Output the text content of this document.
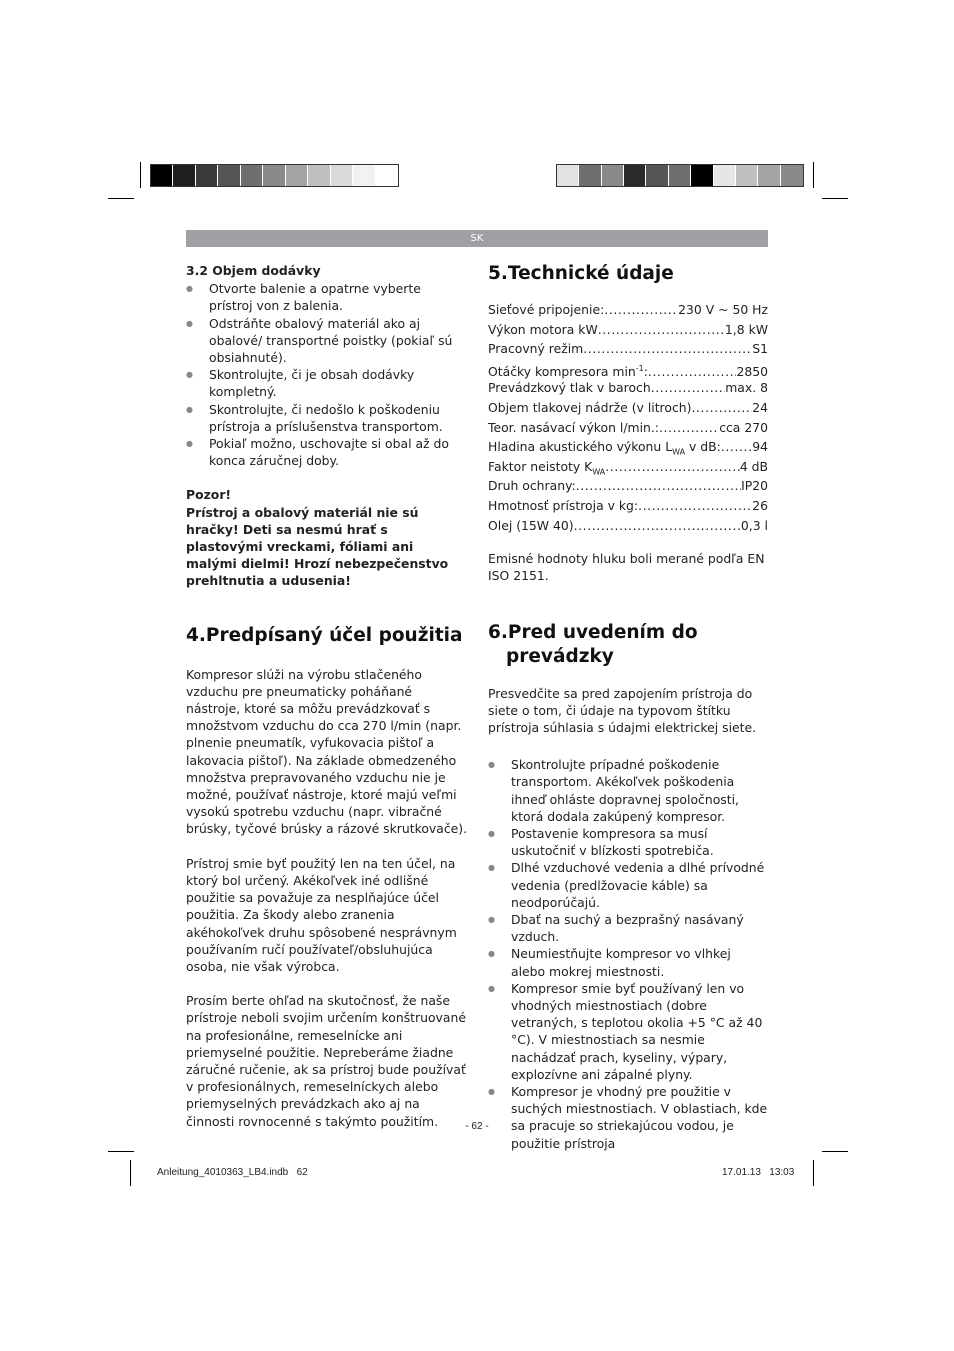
SK
3.2 Objem dodávky
● Otvorte balenie a opatrne vyberte prístroj von z balenia.
● Odstráňte obalový materiál ako aj obalové/ transportné poistky (pokiaľ sú obsiahnuté).
● Skontrolujte, či je obsah dodávky kompletný.
● Skontrolujte, či nedošlo k poškodeniu prístroja a príslušenstva transportom.
● Pokiaľ možno, uschovajte si obal až do konca záručnej doby.
Pozor!
Prístroj a obalový materiál nie sú hračky! Deti sa nesmú hrať s plastovými vreckami, fóliami ani malými dielmi! Hrozí nebezpečenstvo prehltnutia a udusenia!
4.Predpísaný účel použitia

Kompresor slúži na výrobu stlačeného vzduchu pre pneumaticky poháňané nástroje, ktoré sa môžu prevádzkovať s množstvom vzduchu do cca 270 l/min (napr. plnenie pneumatík, vyfukovacia pištoľ a lakovacia pištoľ). Na základe obmedzeného množstva prepravovaného vzduchu nie je možné, používať nástroje, ktoré majú veľmi vysokú spotrebu vzduchu (napr. vibračné brúsky, tyčové brúsky a rázové skrutkovače).

Prístroj smie byť použitý len na ten účel, na ktorý bol určený. Akékoľvek iné odlišné použitie sa považuje za nesplňajúce účel použitia. Za škody alebo zranenia akéhokoľvek druhu spôsobené nesprávnym používaním ručí používateľ/obsluhujúca osoba, nie však výrobca.

Prosím berte ohľad na skutočnosť, že naše prístroje neboli svojim určením konštruované na profesionálne, remeselnícke ani priemyselné použitie. Nepreberáme žiadne záručné ručenie, ak sa prístroj bude používať v profesionálnych, remeselníckych alebo priemyselných prevádzkach ako aj na činnosti rovnocenné s takýmto použitím.

5.Technické údaje
Sieťové pripojenie: .....	230 V ~ 50 Hz
Výkon motora kW .....	1,8 kW
Pracovný režim .....	S1
Otáčky kompresora $\min^{-1}$: .....	2850
Prevádzkový tlak v baroch .....	max. 8
Objem tlakovej nádrže (v litroch) .....	24
Teor. nasávací výkon l/min.: .....	cca 270
Hladina akustického výkonu $L_{WA}$ v dB: .....	94
Faktor neistoty $K_{WA}$ .....	4 dB
Druh ochrany: .....	IP20
Hmotnosť prístroja v kg: .....	26
Olej (15W 40) .....	0,3 l

Emisné hodnoty hluku boli merané podľa EN ISO 2151.

6.Pred uvedením do
prevádzky

Presvedčite sa pred zapojením prístroja do siete o tom, či údaje na typovom štítku prístroja súhlasia s údajmi elektrickej siete.

● Skontrolujte prípadné poškodenie transportom. Akékoľvek poškodenia ihneď ohláste dopravnej spoločnosti, ktorá dodala zakúpený kompresor.
● Postavenie kompresora sa musí uskutočniť v blízkosti spotrebiča.
● Dlhé vzduchové vedenia a dlhé prívodné vedenia (predlžovacie káble) sa neodporúčajú.
● Dbať na suchý a bezprašný nasávaný vzduch.
● Neumiestňujte kompresor vo vlhkej alebo mokrej miestnosti.
● Kompresor smie byť používaný len vo vhodných miestnostiach (dobre vetraných, s teplotou okolia +5 °C až 40 °C). V miestnostiach sa nesmie nachádzať prach, kyseliny, výpary, explozívne ani zápalné plyny.
● Kompresor je vhodný pre použitie v suchých miestnostiach. V oblastiach, kde sa pracuje so striekajúcou vodou, je použitie prístroja
- 62 -
Anleitung_4010363_LB4.indb   62	17.01.13   13:03
